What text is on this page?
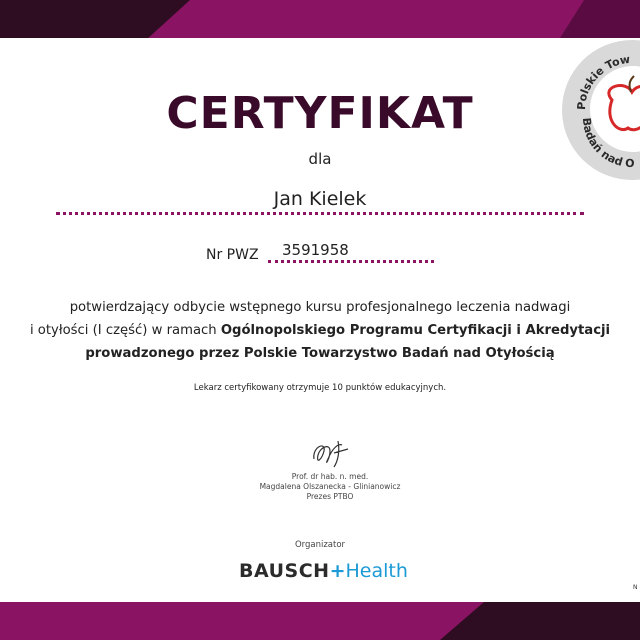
Polskie Tow
Badań nad O
CERTYFIKAT
dla
Jan Kielek
Nr PWZ 3591958
potwierdzający odbycie wstępnego kursu profesjonalnego leczenia nadwagi
i otyłości (I część) w ramach Ogólnopolskiego Programu Certyfikacji i Akredytacji
prowadzonego przez Polskie Towarzystwo Badań nad Otyłością
Lekarz certyfikowany otrzymuje 10 punktów edukacyjnych.
Prof. dr hab. n. med.
Magdalena Olszanecka - Glinianowicz
Prezes PTBO
Organizator
BAUSCH+Health
N
